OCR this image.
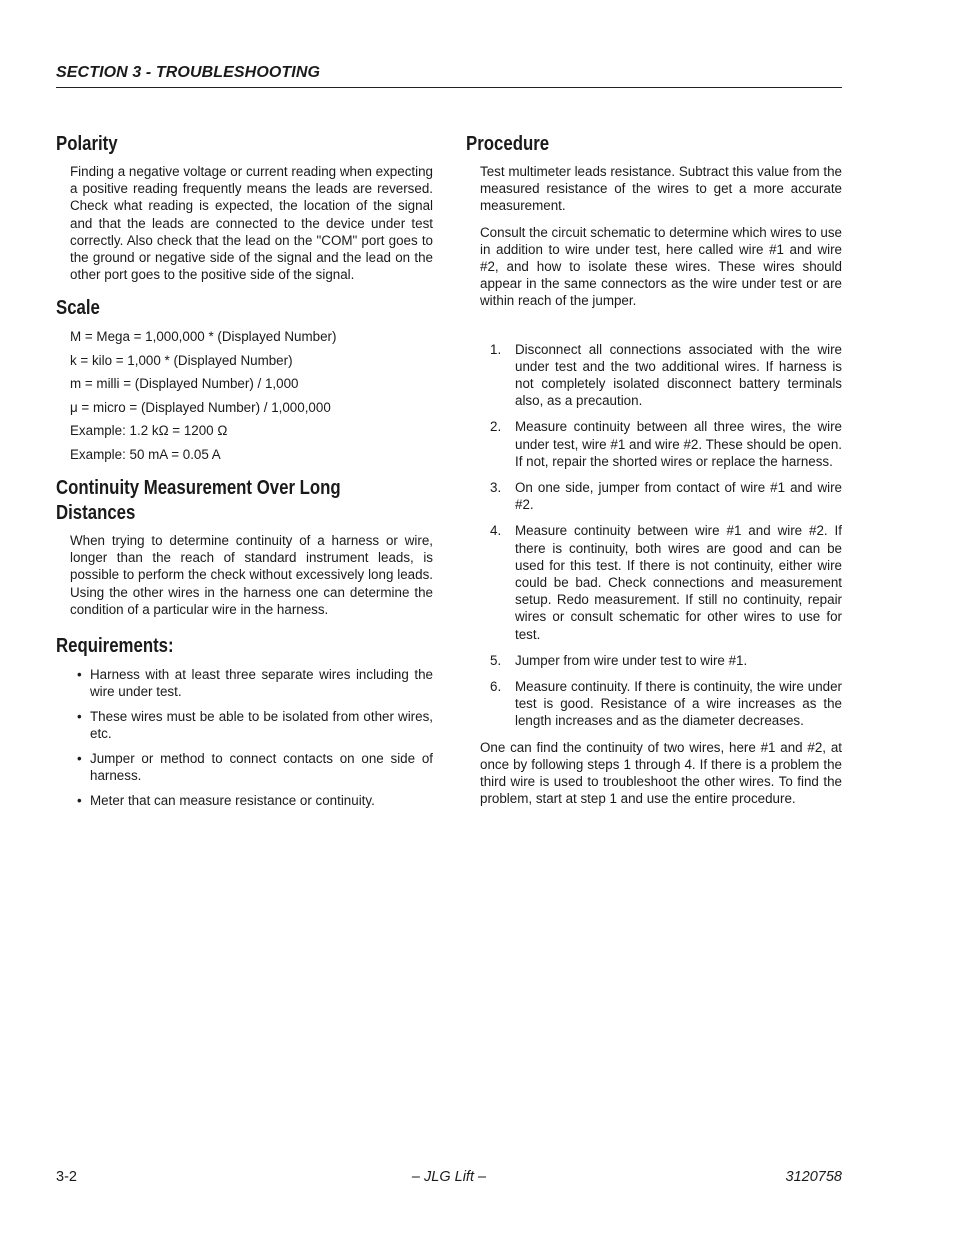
SECTION 3 - TROUBLESHOOTING
Polarity

Finding a negative voltage or current reading when expecting a positive reading frequently means the leads are reversed. Check what reading is expected, the location of the signal and that the leads are connected to the device under test correctly. Also check that the lead on the "COM" port goes to the ground or negative side of the signal and the lead on the other port goes to the positive side of the signal.

Scale
M = Mega = 1,000,000 * (Displayed Number)
k = kilo = 1,000 * (Displayed Number)
m = milli = (Displayed Number) / 1,000
μ = micro = (Displayed Number) / 1,000,000
Example: 1.2 kΩ = 1200 Ω
Example: 50 mA = 0.05 A
Continuity Measurement Over Long
Distances

When trying to determine continuity of a harness or wire, longer than the reach of standard instrument leads, is possible to perform the check without excessively long leads. Using the other wires in the harness one can determine the condition of a particular wire in the harness.

Requirements:
• Harness with at least three separate wires including the wire under test.
• These wires must be able to be isolated from other wires, etc.
• Jumper or method to connect contacts on one side of harness.
• Meter that can measure resistance or continuity.
Procedure

Test multimeter leads resistance. Subtract this value from the measured resistance of the wires to get a more accurate measurement.

Consult the circuit schematic to determine which wires to use in addition to wire under test, here called wire #1 and wire #2, and how to isolate these wires. These wires should appear in the same connectors as the wire under test or are within reach of the jumper.

1. Disconnect all connections associated with the wire under test and the two additional wires. If harness is not completely isolated disconnect battery terminals also, as a precaution.
2. Measure continuity between all three wires, the wire under test, wire #1 and wire #2. These should be open. If not, repair the shorted wires or replace the harness.
3. On one side, jumper from contact of wire #1 and wire #2.
4. Measure continuity between wire #1 and wire #2. If there is continuity, both wires are good and can be used for this test. If there is not continuity, either wire could be bad. Check connections and measurement setup. Redo measurement. If still no continuity, repair wires or consult schematic for other wires to use for test.
5. Jumper from wire under test to wire #1.
6. Measure continuity. If there is continuity, the wire under test is good. Resistance of a wire increases as the length increases and as the diameter decreases.

One can find the continuity of two wires, here #1 and #2, at once by following steps 1 through 4. If there is a problem the third wire is used to troubleshoot the other wires. To find the problem, start at step 1 and use the entire procedure.

3-2	– JLG Lift –	3120758
